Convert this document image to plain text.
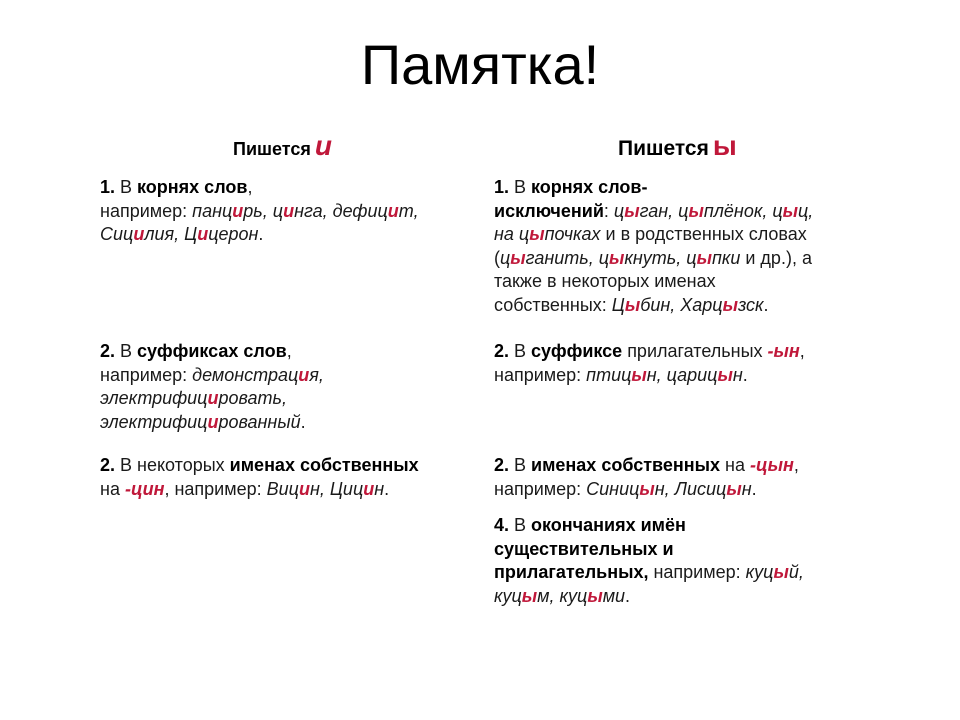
Памятка!
Пишется и	Пишется ы
1. В корнях слов,
например: панцирь, цинга, дефицит,
Сицилия, Цицерон.
2. В суффиксах слов,
например: демонстрация,
электрифицировать,
электрифицированный.
2. В некоторых именах собственных
на -цин, например: Вицин, Цицин.
1. В корнях слов-
исключений: цыган, цыплёнок, цыц,
на цыпочках и в родственных словах
(цыганить, цыкнуть, цыпки и др.), а
также в некоторых именах
собственных: Цыбин, Харцызск.
2. В суффиксе прилагательных -ын,
например: птицын, царицын.
2. В именах собственных на -цын,
например: Синицын, Лисицын.
4. В окончаниях имён
существительных и
прилагательных, например: куцый,
куцым, куцыми.
